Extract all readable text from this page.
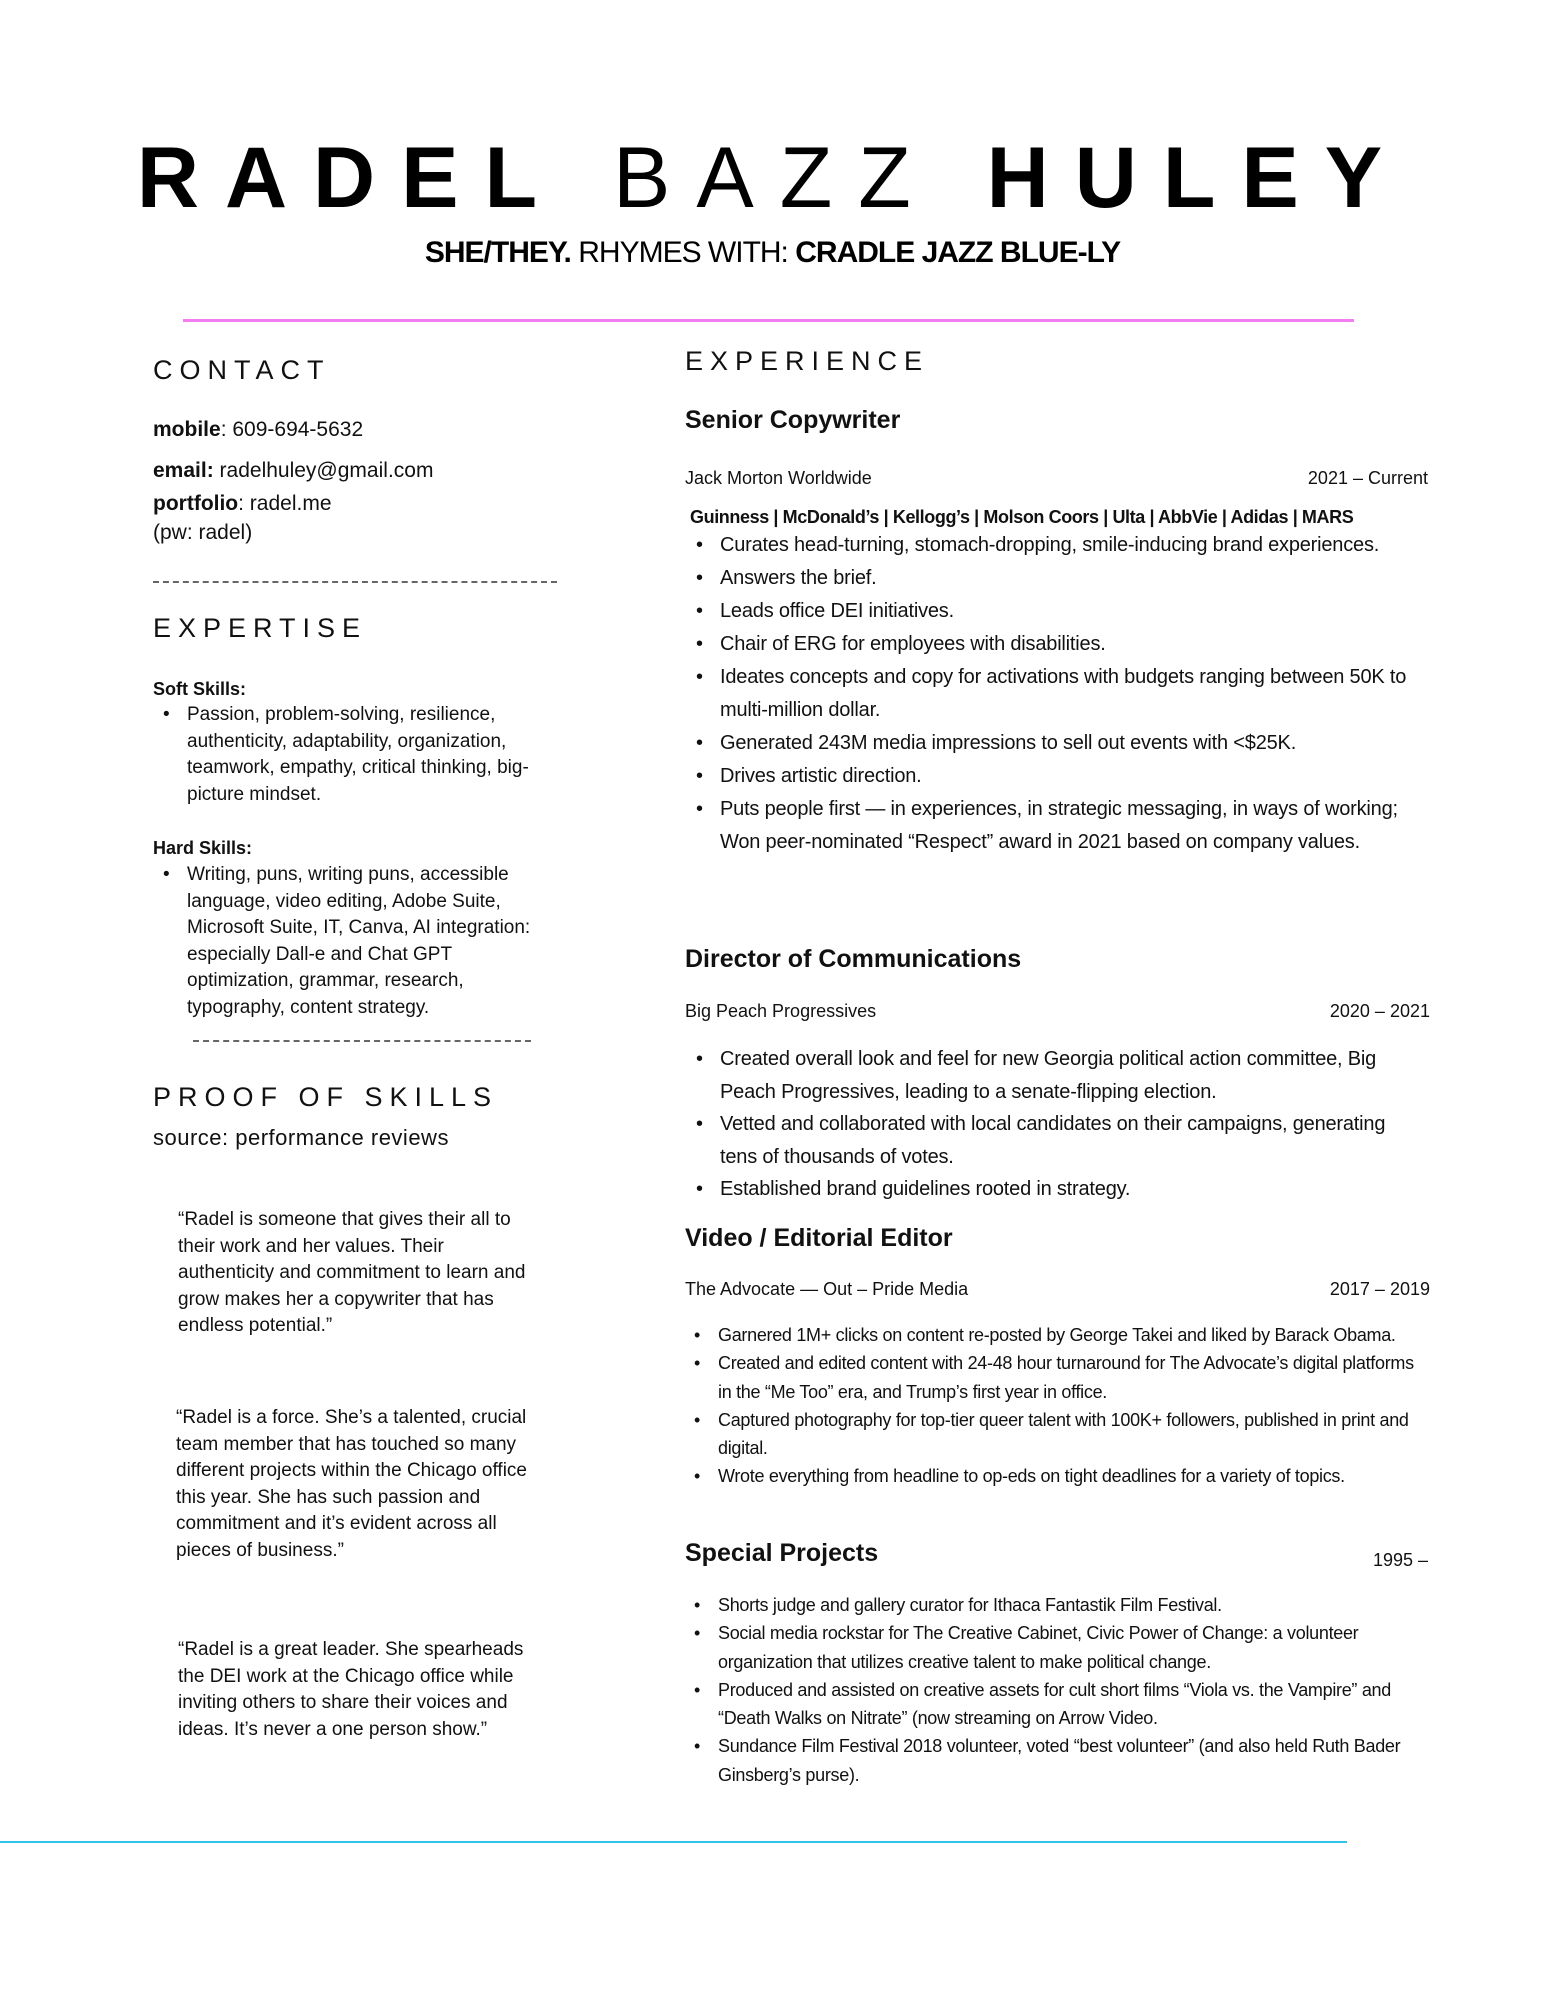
RADEL BAZZ HULEY
SHE/THEY. RHYMES WITH: CRADLE JAZZ BLUE-LY
CONTACT
mobile: 609-694-5632
email: radelhuley@gmail.com
portfolio: radel.me
(pw: radel)
EXPERTISE
Soft Skills:
• Passion, problem-solving, resilience, authenticity, adaptability, organization, teamwork, empathy, critical thinking, big-picture mindset.
Hard Skills:
• Writing, puns, writing puns, accessible language, video editing, Adobe Suite, Microsoft Suite, IT, Canva, AI integration: especially Dall-e and Chat GPT optimization, grammar, research, typography, content strategy.
PROOF OF SKILLS
source: performance reviews
“Radel is someone that gives their all to their work and her values. Their authenticity and commitment to learn and grow makes her a copywriter that has endless potential.”
“Radel is a force. She’s a talented, crucial team member that has touched so many different projects within the Chicago office this year. She has such passion and commitment and it’s evident across all pieces of business.”
“Radel is a great leader. She spearheads the DEI work at the Chicago office while inviting others to share their voices and ideas. It’s never a one person show.”
EXPERIENCE
Senior Copywriter
Jack Morton Worldwide	2021 – Current
Guinness | McDonald’s | Kellogg’s | Molson Coors | Ulta | AbbVie | Adidas | MARS
• Curates head-turning, stomach-dropping, smile-inducing brand experiences.
• Answers the brief.
• Leads office DEI initiatives.
• Chair of ERG for employees with disabilities.
• Ideates concepts and copy for activations with budgets ranging between 50K to multi-million dollar.
• Generated 243M media impressions to sell out events with <$25K.
• Drives artistic direction.
• Puts people first — in experiences, in strategic messaging, in ways of working; Won peer-nominated “Respect” award in 2021 based on company values.
Director of Communications
Big Peach Progressives	2020 – 2021
• Created overall look and feel for new Georgia political action committee, Big Peach Progressives, leading to a senate-flipping election.
• Vetted and collaborated with local candidates on their campaigns, generating tens of thousands of votes.
• Established brand guidelines rooted in strategy.
Video / Editorial Editor
The Advocate — Out – Pride Media	2017 – 2019
• Garnered 1M+ clicks on content re-posted by George Takei and liked by Barack Obama.
• Created and edited content with 24-48 hour turnaround for The Advocate’s digital platforms in the “Me Too” era, and Trump’s first year in office.
• Captured photography for top-tier queer talent with 100K+ followers, published in print and digital.
• Wrote everything from headline to op-eds on tight deadlines for a variety of topics.
Special Projects	1995 –
• Shorts judge and gallery curator for Ithaca Fantastik Film Festival.
• Social media rockstar for The Creative Cabinet, Civic Power of Change: a volunteer organization that utilizes creative talent to make political change.
• Produced and assisted on creative assets for cult short films “Viola vs. the Vampire” and “Death Walks on Nitrate” (now streaming on Arrow Video.
• Sundance Film Festival 2018 volunteer, voted “best volunteer” (and also held Ruth Bader Ginsberg’s purse).
